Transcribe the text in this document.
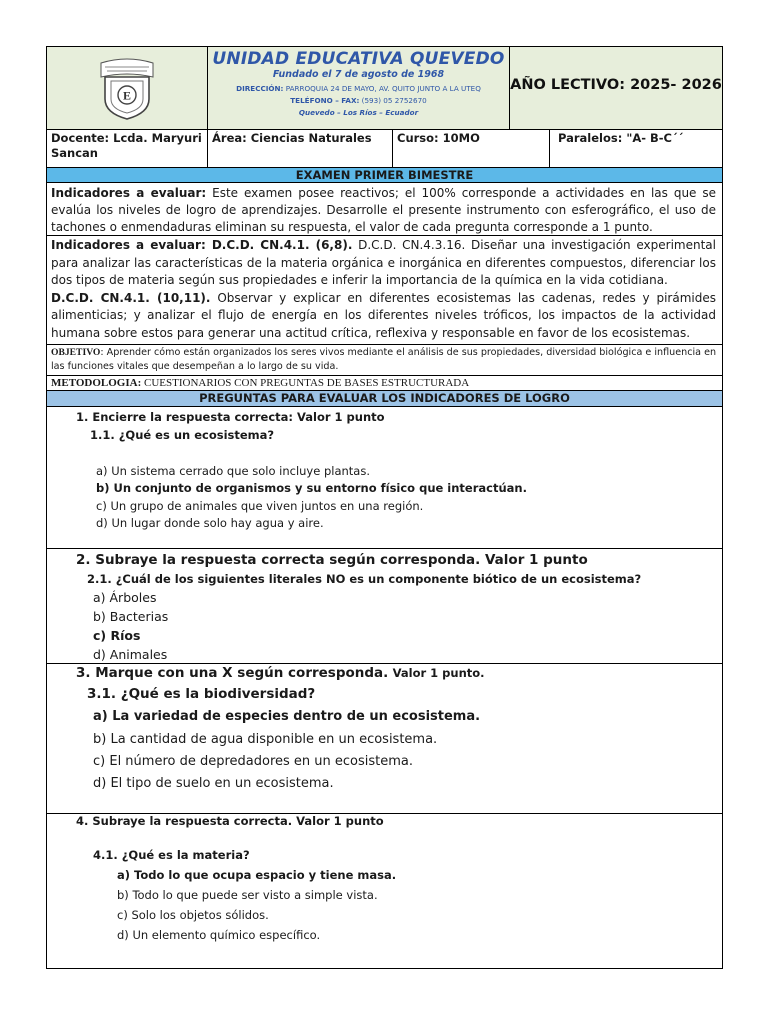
E
UNIDAD EDUCATIVA QUEVEDO
Fundado el 7 de agosto de 1968
DIRECCIÓN: PARROQUIA 24 DE MAYO, AV. QUITO JUNTO A LA UTEQ
TELÉFONO – FAX: (593) 05 2752670
Quevedo – Los Ríos – Ecuador
AÑO LECTIVO: 2025- 2026
Docente: Lcda. Maryuri Sancan
Área: Ciencias Naturales	Curso: 10MO	Paralelos: "A- B-C´´
EXAMEN PRIMER BIMESTRE
Indicadores a evaluar: Este examen posee reactivos; el 100% corresponde a actividades en las que se evalúa los niveles de logro de aprendizajes. Desarrolle el presente instrumento con esferográfico, el uso de tachones o enmendaduras eliminan su respuesta, el valor de cada pregunta corresponde a 1 punto.
Indicadores a evaluar: D.C.D. CN.4.1. (6,8). D.C.D. CN.4.3.16. Diseñar una investigación experimental para analizar las características de la materia orgánica e inorgánica en diferentes compuestos, diferenciar los dos tipos de materia según sus propiedades e inferir la importancia de la química en la vida cotidiana.
D.C.D. CN.4.1. (10,11). Observar y explicar en diferentes ecosistemas las cadenas, redes y pirámides alimenticias; y analizar el flujo de energía en los diferentes niveles tróficos, los impactos de la actividad humana sobre estos para generar una actitud crítica, reflexiva y responsable en favor de los ecosistemas.
OBJETIVO: Aprender cómo están organizados los seres vivos mediante el análisis de sus propiedades, diversidad biológica e influencia en las funciones vitales que desempeñan a lo largo de su vida.
METODOLOGIA: CUESTIONARIOS CON PREGUNTAS DE BASES ESTRUCTURADA
PREGUNTAS PARA EVALUAR LOS INDICADORES DE LOGRO
1. Encierre la respuesta correcta: Valor 1 punto
1.1. ¿Qué es un ecosistema?
a) Un sistema cerrado que solo incluye plantas.
b) Un conjunto de organismos y su entorno físico que interactúan.
c) Un grupo de animales que viven juntos en una región.
d) Un lugar donde solo hay agua y aire.
2. Subraye la respuesta correcta según corresponda. Valor 1 punto
2.1. ¿Cuál de los siguientes literales NO es un componente biótico de un ecosistema?
a) Árboles
b) Bacterias
c) Ríos
d) Animales
3. Marque con una X según corresponda. Valor 1 punto.
3.1. ¿Qué es la biodiversidad?
a) La variedad de especies dentro de un ecosistema.
b) La cantidad de agua disponible en un ecosistema.
c) El número de depredadores en un ecosistema.
d) El tipo de suelo en un ecosistema.
4. Subraye la respuesta correcta. Valor 1 punto
4.1. ¿Qué es la materia?
a) Todo lo que ocupa espacio y tiene masa.
b) Todo lo que puede ser visto a simple vista.
c) Solo los objetos sólidos.
d) Un elemento químico específico.
